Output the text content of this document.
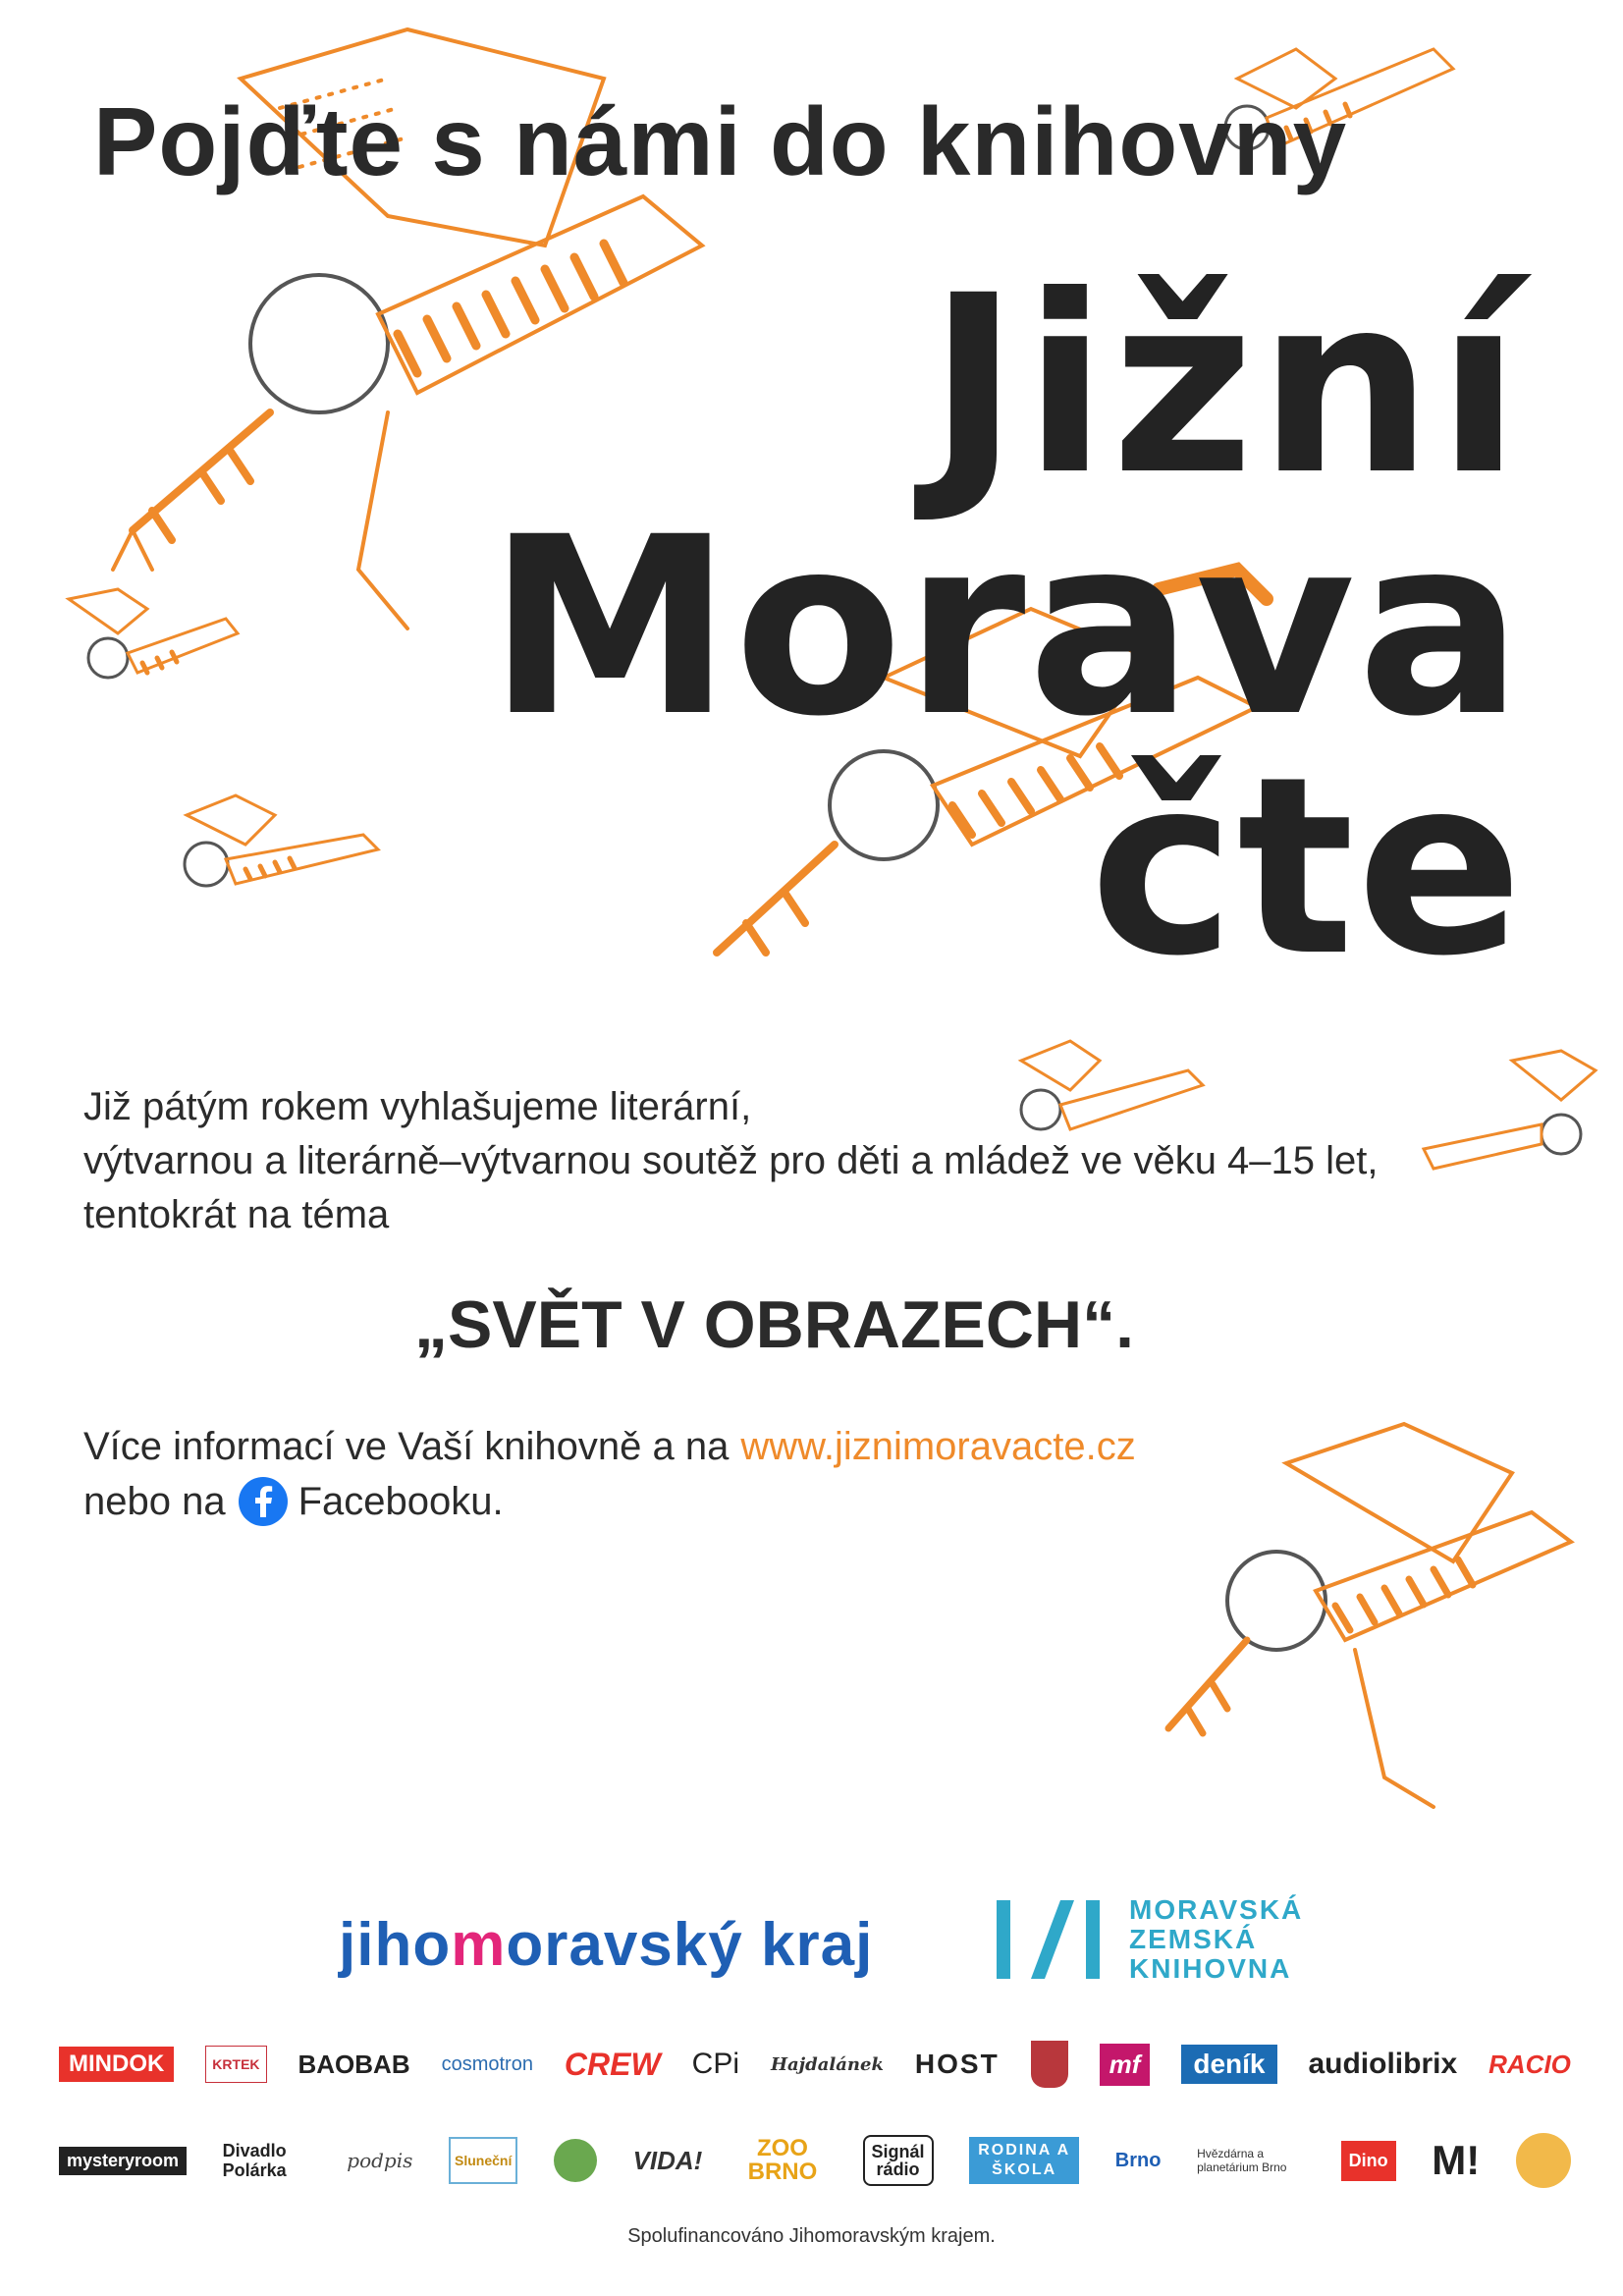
Pojďte s námi do knihovny
Jižní
Morava
čte
Již pátým rokem vyhlašujeme literární,
výtvarnou a literárně–výtvarnou soutěž pro děti a mládež ve věku 4–15 let,
tentokrát na téma
„SVĚT V OBRAZECH“.
Více informací ve Vaší knihovně a na www.jiznimoravacte.cz
nebo na Facebooku.
jihomoravský kraj
MORAVSKÁ
ZEMSKÁ
KNIHOVNA
MINDOK	KRTEK BAOBAB cosmotron CREW CPi Hajdalánek HOST	mf	deník	audiolibrix RACIO
mysteryroom	Divadlo Polárka	podpis	Sluneční	VIDA!	ZOO BRNO
Signál rádio
RODINA A ŠKOLA	Brno	Hvězdárna a planetárium Brno	Dino M!
Spolufinancováno Jihomoravským krajem.
